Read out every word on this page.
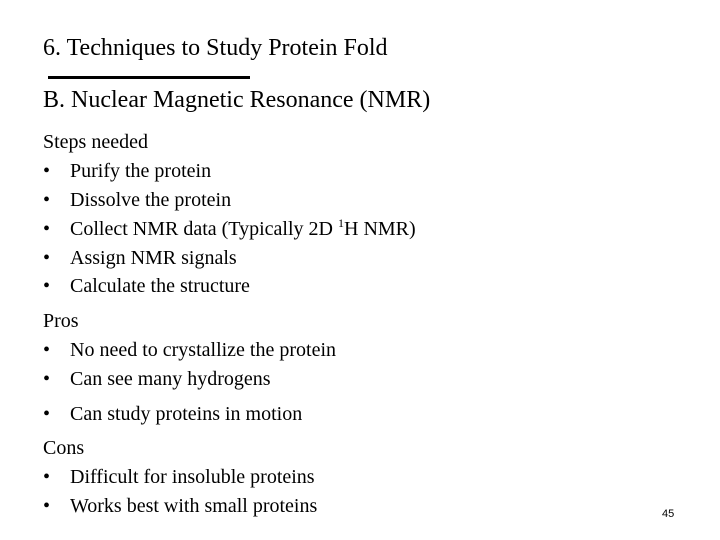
6. Techniques to Study Protein Fold
B. Nuclear Magnetic Resonance (NMR)
Steps needed
• Purify the protein
• Dissolve the protein
• Collect NMR data (Typically 2D $^1$H NMR)
• Assign NMR signals
• Calculate the structure
Pros
• No need to crystallize the protein
• Can see many hydrogens
• Can study proteins in motion
Cons
• Difficult for insoluble proteins
• Works best with small proteins	45
